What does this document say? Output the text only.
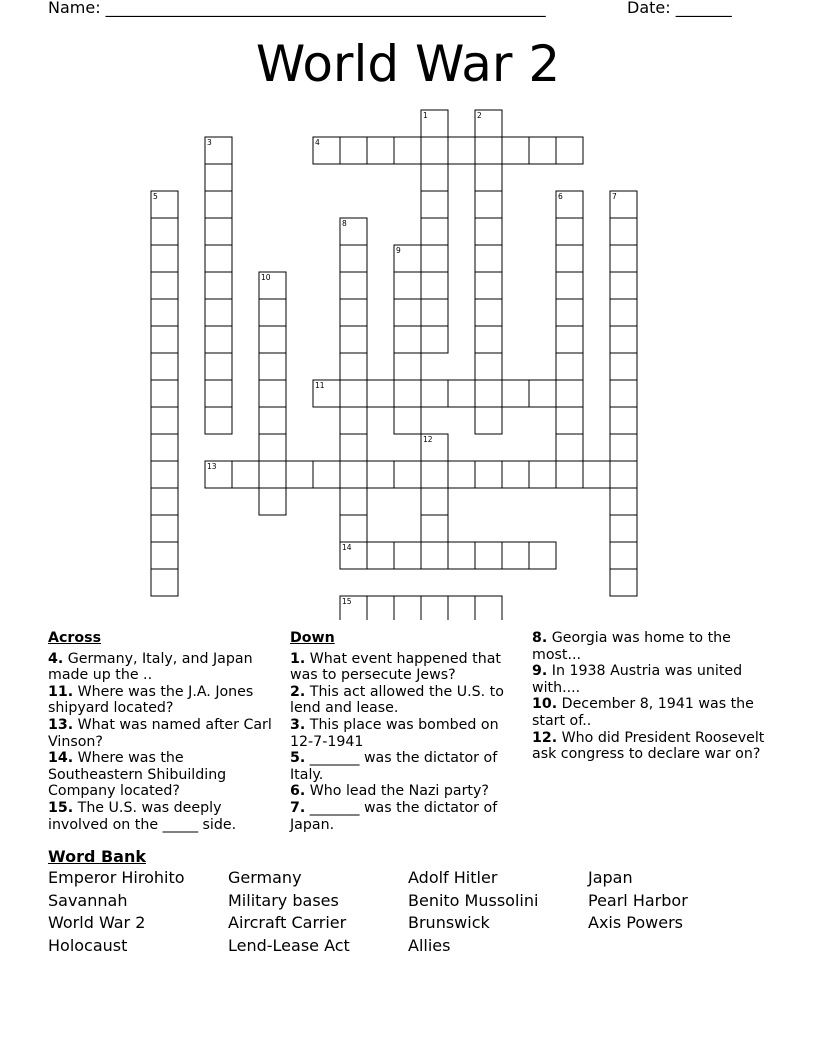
Name: _______________________________________________________	Date: _______
World War 2
1	2
3	4
5	6	7
8
9
10
11
12
13
14
15
Across
4. Germany, Italy, and Japan made up the ..
11. Where was the J.A. Jones shipyard located?
13. What was named after Carl Vinson?
14. Where was the Southeastern Shibuilding Company located?
15. The U.S. was deeply involved on the _____ side.
Down
1. What event happened that was to persecute Jews?
2. This act allowed the U.S. to lend and lease.
3. This place was bombed on 12-7-1941
5. _______ was the dictator of Italy.
6. Who lead the Nazi party?
7. _______ was the dictator of Japan.
8. Georgia was home to the most...
9. In 1938 Austria was united with....
10. December 8, 1941 was the start of..
12. Who did President Roosevelt ask congress to declare war on?
Word Bank
Emperor Hirohito
Savannah
World War 2
Holocaust
Germany
Military bases
Aircraft Carrier
Lend-Lease Act
Adolf Hitler
Benito Mussolini
Brunswick
Allies
Japan
Pearl Harbor
Axis Powers
